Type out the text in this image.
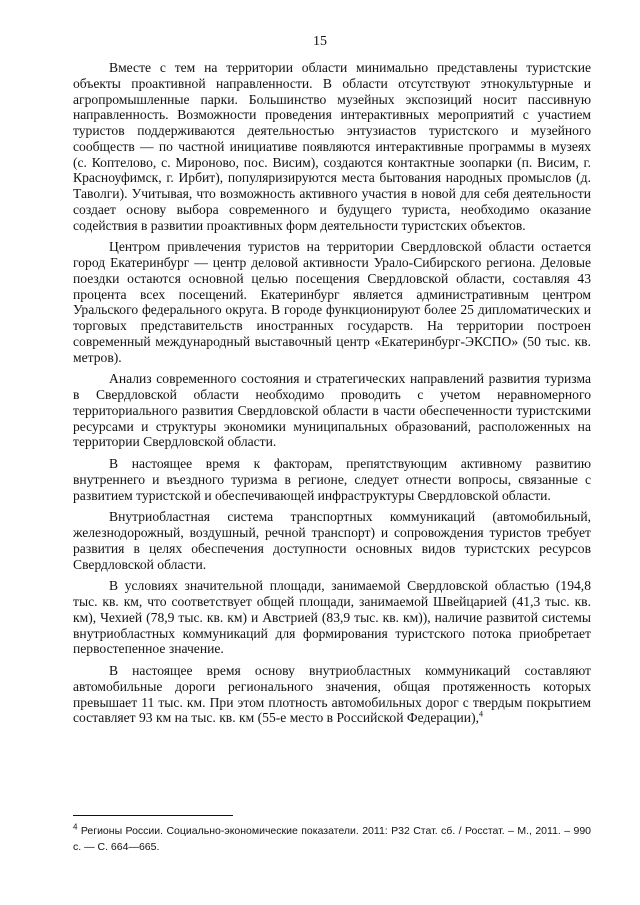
15

Вместе с тем на территории области минимально представлены туристские объекты проактивной направленности. В области отсутствуют этнокультурные и агропромышленные парки. Большинство музейных экспозиций носит пассивную направленность. Возможности проведения интерактивных мероприятий с участием туристов поддерживаются деятельностью энтузиастов туристского и музейного сообществ — по частной инициативе появляются интерактивные программы в музеях (с. Коптелово, с. Мироново, пос. Висим), создаются контактные зоопарки (п. Висим, г. Красноуфимск, г. Ирбит), популяризируются места бытования народных промыслов (д. Таволги). Учитывая, что возможность активного участия в новой для себя деятельности создает основу выбора современного и будущего туриста, необходимо оказание содействия в развитии проактивных форм деятельности туристских объектов.

Центром привлечения туристов на территории Свердловской области остается город Екатеринбург — центр деловой активности Урало-Сибирского региона. Деловые поездки остаются основной целью посещения Свердловской области, составляя 43 процента всех посещений. Екатеринбург является административным центром Уральского федерального округа. В городе функционируют более 25 дипломатических и торговых представительств иностранных государств. На территории построен современный международный выставочный центр «Екатеринбург-ЭКСПО» (50 тыс. кв. метров).

Анализ современного состояния и стратегических направлений развития туризма в Свердловской области необходимо проводить с учетом неравномерного территориального развития Свердловской области в части обеспеченности туристскими ресурсами и структуры экономики муниципальных образований, расположенных на территории Свердловской области.

В настоящее время к факторам, препятствующим активному развитию внутреннего и въездного туризма в регионе, следует отнести вопросы, связанные с развитием туристской и обеспечивающей инфраструктуры Свердловской области.

Внутриобластная система транспортных коммуникаций (автомобильный, железнодорожный, воздушный, речной транспорт) и сопровождения туристов требует развития в целях обеспечения доступности основных видов туристских ресурсов Свердловской области.

В условиях значительной площади, занимаемой Свердловской областью (194,8 тыс. кв. км, что соответствует общей площади, занимаемой Швейцарией (41,3 тыс. кв. км), Чехией (78,9 тыс. кв. км) и Австрией (83,9 тыс. кв. км)), наличие развитой системы внутриобластных коммуникаций для формирования туристского потока приобретает первостепенное значение.

В настоящее время основу внутриобластных коммуникаций составляют автомобильные дороги регионального значения, общая протяженность которых превышает 11 тыс. км. При этом плотность автомобильных дорог с твердым покрытием составляет 93 км на тыс. кв. км (55-е место в Российской Федерации),$^4$

$^4$ Регионы России. Социально-экономические показатели. 2011: Р32 Стат. сб. / Росстат. – М., 2011. – 990 с. — С. 664—665.
